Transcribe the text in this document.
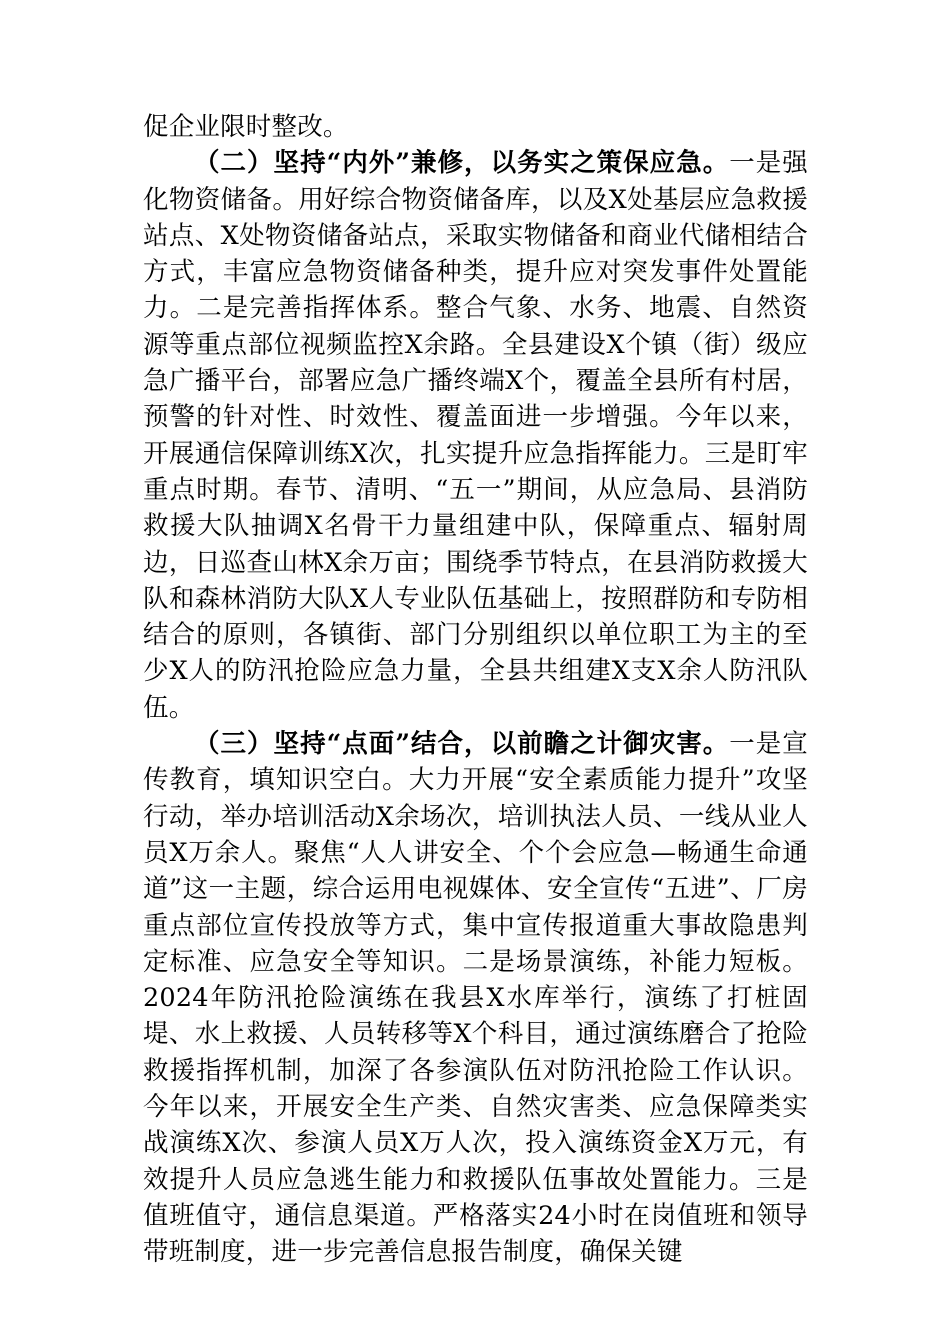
促企业限时整改。

（二）坚持“内外”兼修，以务实之策保应急。一是强化物资储备。用好综合物资储备库，以及X处基层应急救援站点、X处物资储备站点，采取实物储备和商业代储相结合方式，丰富应急物资储备种类，提升应对突发事件处置能力。二是完善指挥体系。整合气象、水务、地震、自然资源等重点部位视频监控X余路。全县建设X个镇（街）级应急广播平台，部署应急广播终端X个，覆盖全县所有村居，预警的针对性、时效性、覆盖面进一步增强。今年以来，开展通信保障训练X次，扎实提升应急指挥能力。三是盯牢重点时期。春节、清明、“五一”期间，从应急局、县消防救援大队抽调X名骨干力量组建中队，保障重点、辐射周边，日巡查山林X余万亩；围绕季节特点，在县消防救援大队和森林消防大队X人专业队伍基础上，按照群防和专防相结合的原则，各镇街、部门分别组织以单位职工为主的至少X人的防汛抢险应急力量，全县共组建X支X余人防汛队伍。

（三）坚持“点面”结合，以前瞻之计御灾害。一是宣传教育，填知识空白。大力开展“安全素质能力提升”攻坚行动，举办培训活动X余场次，培训执法人员、一线从业人员X万余人。聚焦“人人讲安全、个个会应急—畅通生命通道”这一主题，综合运用电视媒体、安全宣传“五进”、厂房重点部位宣传投放等方式，集中宣传报道重大事故隐患判定标准、应急安全等知识。二是场景演练，补能力短板。2024年防汛抢险演练在我县X水库举行，演练了打桩固堤、水上救援、人员转移等X个科目，通过演练磨合了抢险救援指挥机制，加深了各参演队伍对防汛抢险工作认识。今年以来，开展安全生产类、自然灾害类、应急保障类实战演练X次、参演人员X万人次，投入演练资金X万元，有效提升人员应急逃生能力和救援队伍事故处置能力。三是值班值守，通信息渠道。严格落实24小时在岗值班和领导带班制度，进一步完善信息报告制度，确保关键
